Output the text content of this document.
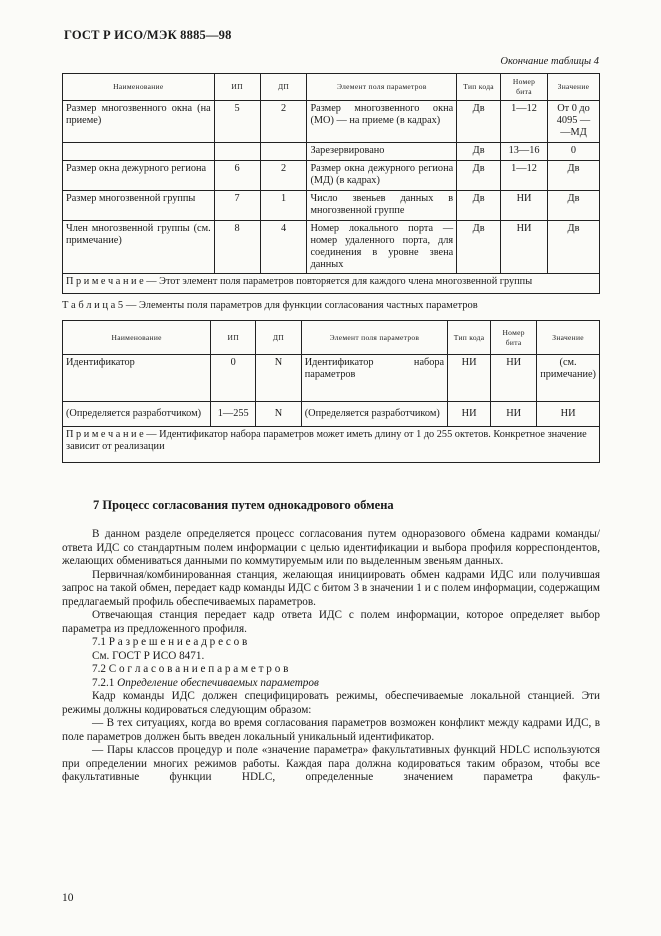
ГОСТ Р ИСО/МЭК 8885—98
Окончание таблицы 4
Наименование	ИП	ДП	Элемент поля параметров	Тип кода	Номер бита	Значение
Размер многозвенного окна (на приеме)	5	2	Размер многозвенного окна (МО) — на приеме (в кадрах)	Дв	1—12	От 0 до 4095 — —МД
			Зарезервировано	Дв	13—16	0
Размер окна дежурного региона	6	2	Размер окна дежурного региона (МД) (в кадрах)	Дв	1—12	Дв
Размер многозвенной группы	7	1	Число звеньев данных в многозвенной группе	Дв	НИ	Дв
Член многозвенной группы (см. примечание)	8	4	Номер локального порта — номер удаленного порта, для соединения в уровне звена данных	Дв	НИ	Дв
П р и м е ч а н и е — Этот элемент поля параметров повторяется для каждого члена многозвенной группы						
Т а б л и ц а 5 — Элементы поля параметров для функции согласования частных параметров
Наименование	ИП	ДП	Элемент поля параметров	Тип кода	Номер бита	Значение
Идентификатор	0	N	Идентификатор набора параметров	НИ	НИ	(см. примечание)
(Определяется разработчиком)	1—255	N	(Определяется разработчиком)	НИ	НИ	НИ
П р и м е ч а н и е — Идентификатор набора параметров может иметь длину от 1 до 255 октетов. Конкретное значение зависит от реализации						
7 Процесс согласования путем однокадрового обмена

В данном разделе определяется процесс согласования путем одноразового обмена кадрами команды/ответа ИДС со стандартным полем информации с целью идентификации и выбора профиля корреспондентов, желающих обмениваться данными по коммутируемым или по выделенным звеньям данных.

Первичная/комбинированная станция, желающая инициировать обмен кадрами ИДС или получившая запрос на такой обмен, передает кадр команды ИДС с битом 3 в значении 1 и с полем информации, содержащим предлагаемый профиль обеспечиваемых параметров.

Отвечающая станция передает кадр ответа ИДС с полем информации, которое определяет выбор параметра из предложенного профиля.

7.1 Р а з р е ш е н и е а д р е с о в

См. ГОСТ Р ИСО 8471.

7.2 С о г л а с о в а н и е п а р а м е т р о в

7.2.1 Определение обеспечиваемых параметров

Кадр команды ИДС должен специфицировать режимы, обеспечиваемые локальной станцией. Эти режимы должны кодироваться следующим образом:

— В тех ситуациях, когда во время согласования параметров возможен конфликт между кадрами ИДС, в поле параметров должен быть введен локальный уникальный идентификатор.

— Пары классов процедур и поле «значение параметра» факультативных функций HDLC используются при определении многих режимов работы. Каждая пара должна кодироваться таким образом, чтобы все факультативные функции HDLC, определенные значением параметра факуль-

10
